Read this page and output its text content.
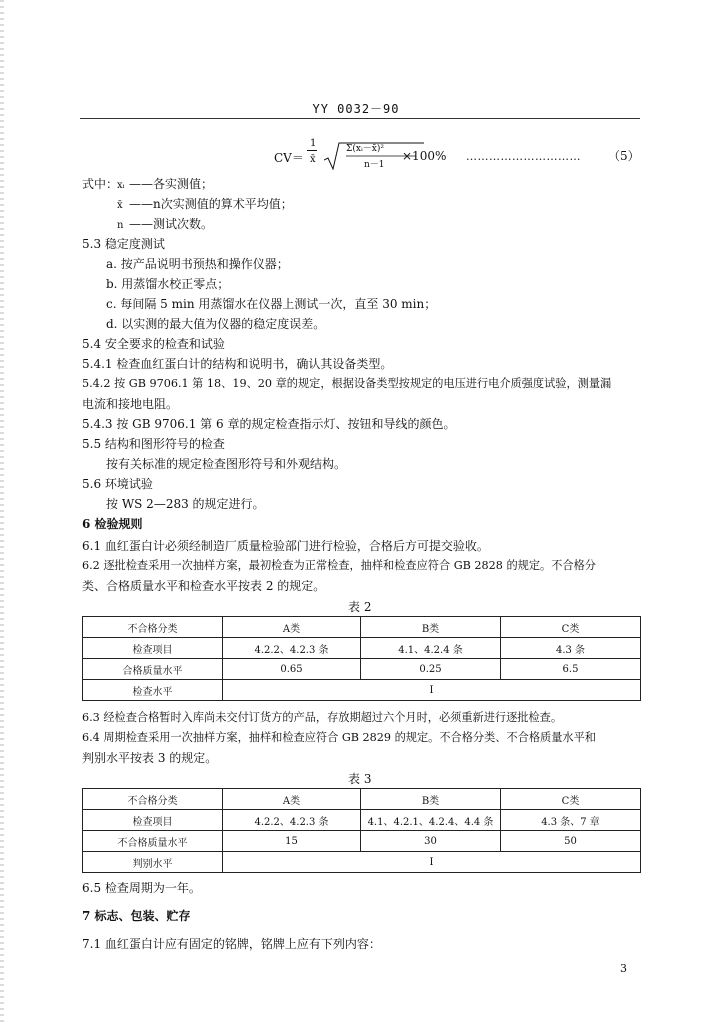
YY 0032－90
CV＝
1
x̄
Σ(xᵢ－x̄)²
n－1
×100% ………………………… （5）
式中：
xᵢ ——各实测值；
x̄ ——n次实测值的算术平均值；
n ——测试次数。
5.3 稳定度测试
a. 按产品说明书预热和操作仪器；
b. 用蒸馏水校正零点；
c. 每间隔 5 min 用蒸馏水在仪器上测试一次，直至 30 min；
d. 以实测的最大值为仪器的稳定度误差。
5.4 安全要求的检查和试验
5.4.1 检查血红蛋白计的结构和说明书，确认其设备类型。
5.4.2 按 GB 9706.1 第 18、19、20 章的规定，根据设备类型按规定的电压进行电介质强度试验，测量漏
电流和接地电阻。
5.4.3 按 GB 9706.1 第 6 章的规定检查指示灯、按钮和导线的颜色。
5.5 结构和图形符号的检查
按有关标准的规定检查图形符号和外观结构。
5.6 环境试验
按 WS 2—283 的规定进行。
6 检验规则
6.1 血红蛋白计必须经制造厂质量检验部门进行检验，合格后方可提交验收。
6.2 逐批检查采用一次抽样方案，最初检查为正常检查，抽样和检查应符合 GB 2828 的规定。不合格分
类、合格质量水平和检查水平按表 2 的规定。
表 2
不合格分类	A类	B类	C类
检查项目	4.2.2、4.2.3 条	4.1、4.2.4 条	4.3 条
合格质量水平	0.65	0.25	6.5
检查水平	Ⅰ		
6.3 经检查合格暂时入库尚未交付订货方的产品，存放期超过六个月时，必须重新进行逐批检查。
6.4 周期检查采用一次抽样方案，抽样和检查应符合 GB 2829 的规定。不合格分类、不合格质量水平和
判别水平按表 3 的规定。
表 3
不合格分类	A类	B类	C类
检查项目	4.2.2、4.2.3 条	4.1、4.2.1、4.2.4、4.4 条	4.3 条、7 章
不合格质量水平	15	30	50
判别水平	Ⅰ		
6.5 检查周期为一年。
7 标志、包装、贮存
7.1 血红蛋白计应有固定的铭牌，铭牌上应有下列内容：
3
